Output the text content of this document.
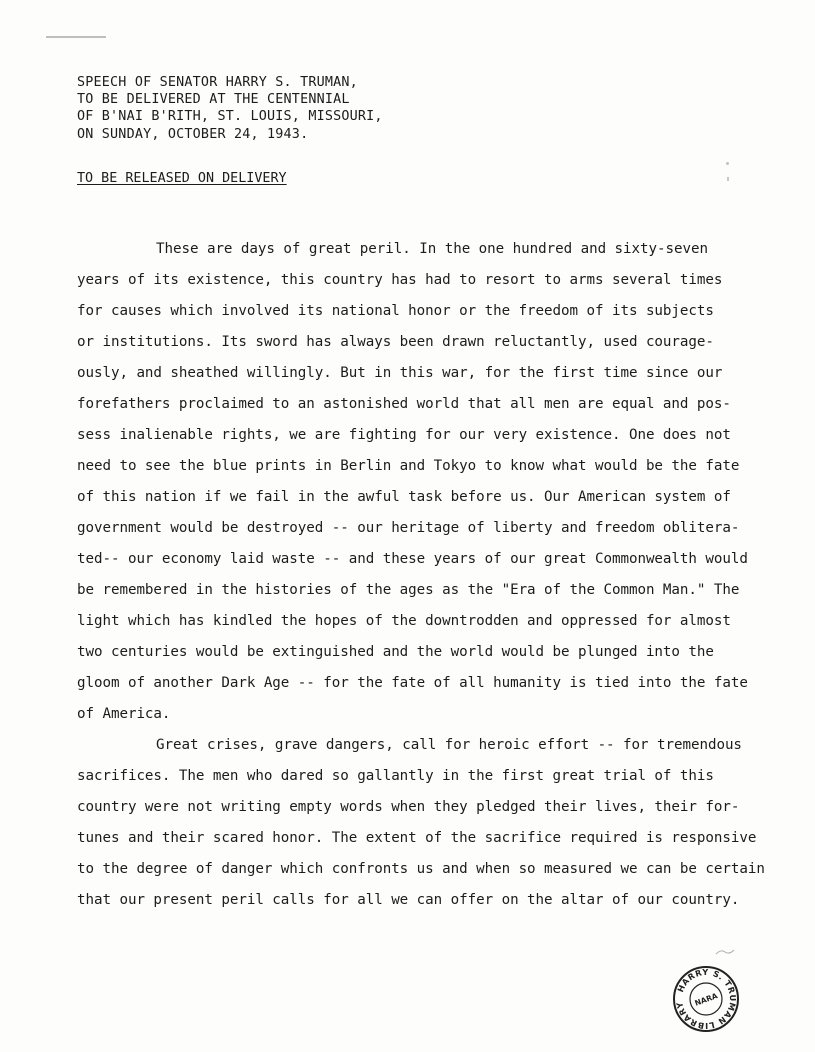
SPEECH OF SENATOR HARRY S. TRUMAN,
TO BE DELIVERED AT THE CENTENNIAL
OF B'NAI B'RITH, ST. LOUIS, MISSOURI,
ON SUNDAY, OCTOBER 24, 1943.
TO BE RELEASED ON DELIVERY
These are days of great peril. In the one hundred and sixty-seven
years of its existence, this country has had to resort to arms several times
for causes which involved its national honor or the freedom of its subjects
or institutions. Its sword has always been drawn reluctantly, used courage-
ously, and sheathed willingly. But in this war, for the first time since our
forefathers proclaimed to an astonished world that all men are equal and pos-
sess inalienable rights, we are fighting for our very existence. One does not
need to see the blue prints in Berlin and Tokyo to know what would be the fate
of this nation if we fail in the awful task before us. Our American system of
government would be destroyed -- our heritage of liberty and freedom oblitera-
ted-- our economy laid waste -- and these years of our great Commonwealth would
be remembered in the histories of the ages as the "Era of the Common Man." The
light which has kindled the hopes of the downtrodden and oppressed for almost
two centuries would be extinguished and the world would be plunged into the
gloom of another Dark Age -- for the fate of all humanity is tied into the fate
of America.
Great crises, grave dangers, call for heroic effort -- for tremendous
sacrifices. The men who dared so gallantly in the first great trial of this
country were not writing empty words when they pledged their lives, their for-
tunes and their scared honor. The extent of the sacrifice required is responsive
to the degree of danger which confronts us and when so measured we can be certain
that our present peril calls for all we can offer on the altar of our country.
HARRY S. TRUMAN LIBRARY	NARA
